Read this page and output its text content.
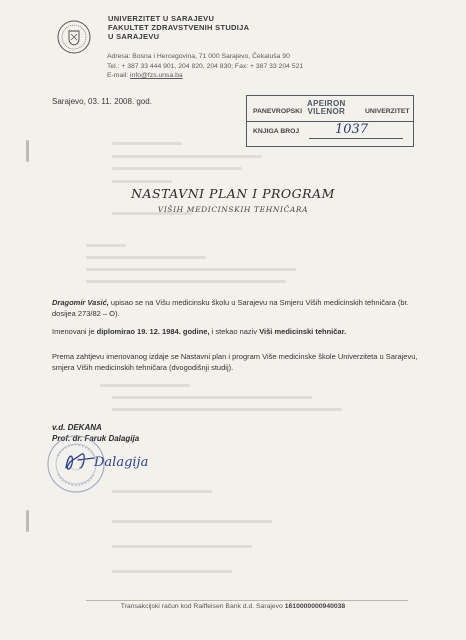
UNIVERZITET U SARAJEVU
FAKULTET ZDRAVSTVENIH STUDIJA
U SARAJEVU
Adresa: Bosna i Hercegovina, 71 000 Sarajevo, Čekaluša 90
Tel.: + 387 33 444 901, 204 820, 204 830; Fax: + 387 33 204 521
E-mail: info@fzs.unsa.ba
Sarajevo, 03. 11. 2008. god.
PANEVROPSKI
APEIRON
VILENOR	UNIVERZITET
KNJIGA BROJ	1037
NASTAVNI PLAN I PROGRAM
VIŠIH MEDICINSKIH TEHNIČARA
Dragomir Vasić, upisao se na Višu medicinsku školu u Sarajevu na Smjeru Viših medicinskih tehničara (br. dosijea 273/82 – O).
Imenovani je diplomirao 19. 12. 1984. godine, i stekao naziv Viši medicinski tehničar.
Prema zahtjevu imenovanog izdaje se Nastavni plan i program Više medicinske škole Univerziteta u Sarajevu, smjera Viših medicinskih tehničara (dvogodišnji studij).
v.d. DEKANA
Prof. dr. Faruk Dalagija
Dalagija
Transakcijski račun kod Raiffeisen Bank d.d. Sarajevo 1610000000940038
